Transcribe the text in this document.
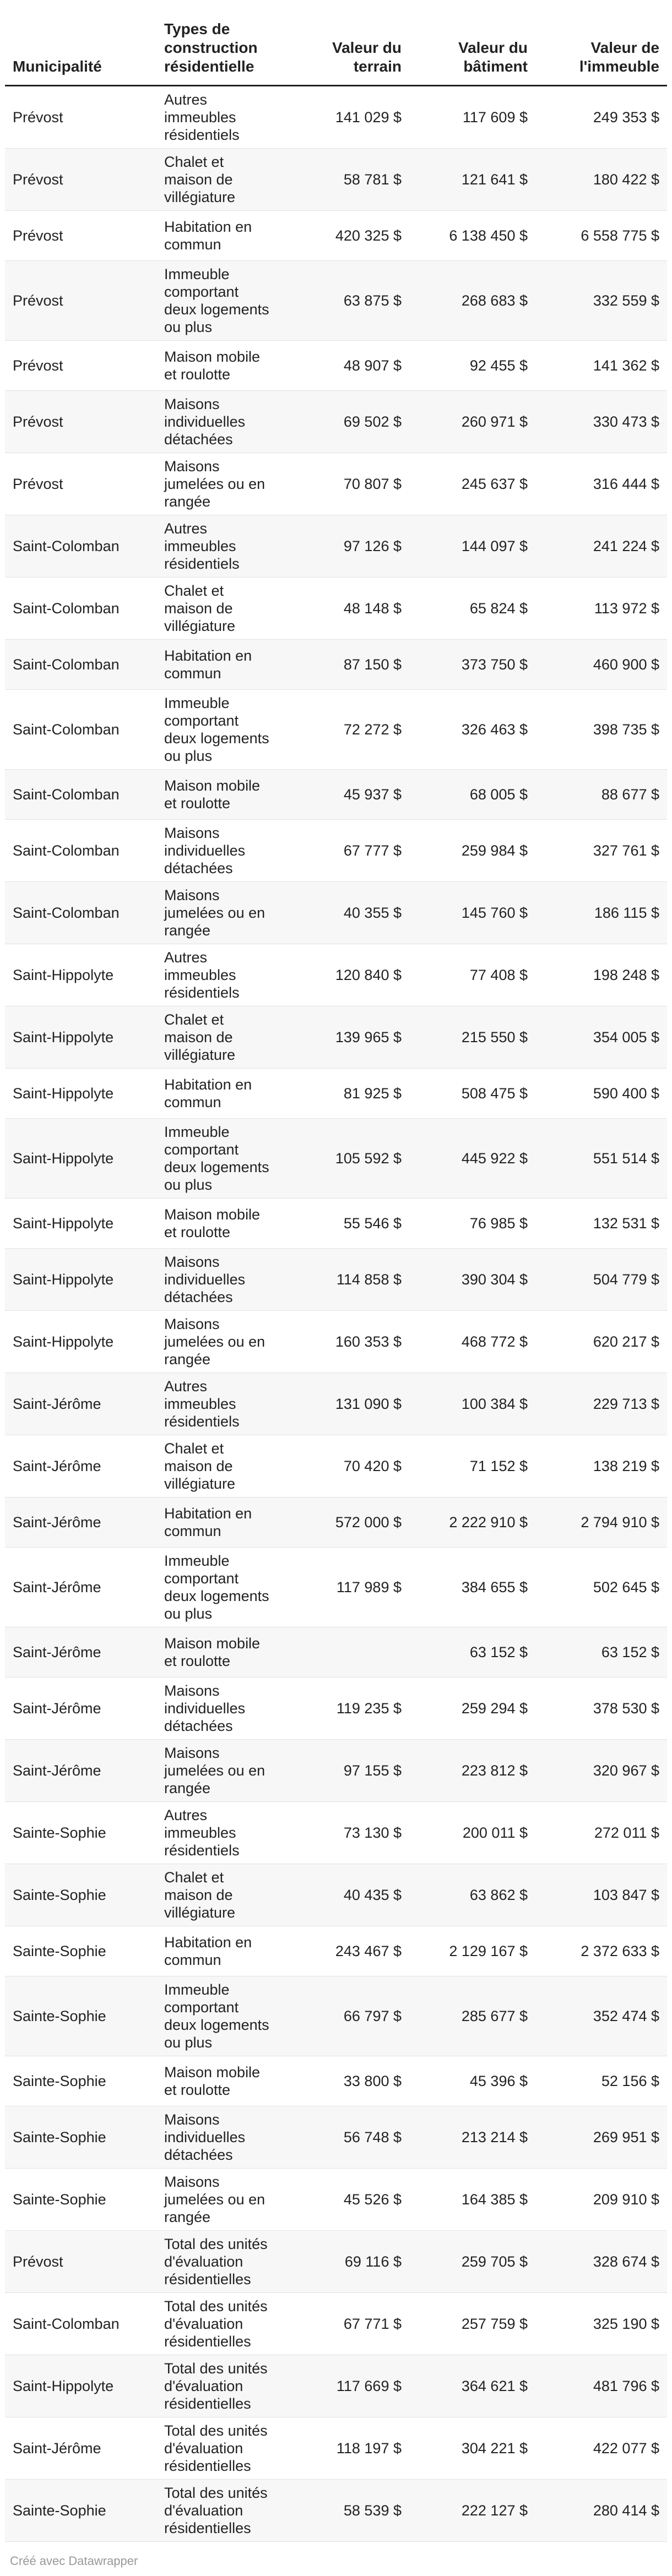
Municipalité	Types de construction résidentielle	Valeur du terrain	Valeur du bâtiment	Valeur de l'immeuble
Prévost	Autres immeubles résidentiels	141 029 $	117 609 $	249 353 $
Prévost	Chalet et maison de villégiature	58 781 $	121 641 $	180 422 $
Prévost	Habitation en commun	420 325 $	6 138 450 $	6 558 775 $
Prévost	Immeuble comportant deux logements ou plus	63 875 $	268 683 $	332 559 $
Prévost	Maison mobile et roulotte	48 907 $	92 455 $	141 362 $
Prévost	Maisons individuelles détachées	69 502 $	260 971 $	330 473 $
Prévost	Maisons jumelées ou en rangée	70 807 $	245 637 $	316 444 $
Saint-Colomban	Autres immeubles résidentiels	97 126 $	144 097 $	241 224 $
Saint-Colomban	Chalet et maison de villégiature	48 148 $	65 824 $	113 972 $
Saint-Colomban	Habitation en commun	87 150 $	373 750 $	460 900 $
Saint-Colomban	Immeuble comportant deux logements ou plus	72 272 $	326 463 $	398 735 $
Saint-Colomban	Maison mobile et roulotte	45 937 $	68 005 $	88 677 $
Saint-Colomban	Maisons individuelles détachées	67 777 $	259 984 $	327 761 $
Saint-Colomban	Maisons jumelées ou en rangée	40 355 $	145 760 $	186 115 $
Saint-Hippolyte	Autres immeubles résidentiels	120 840 $	77 408 $	198 248 $
Saint-Hippolyte	Chalet et maison de villégiature	139 965 $	215 550 $	354 005 $
Saint-Hippolyte	Habitation en commun	81 925 $	508 475 $	590 400 $
Saint-Hippolyte	Immeuble comportant deux logements ou plus	105 592 $	445 922 $	551 514 $
Saint-Hippolyte	Maison mobile et roulotte	55 546 $	76 985 $	132 531 $
Saint-Hippolyte	Maisons individuelles détachées	114 858 $	390 304 $	504 779 $
Saint-Hippolyte	Maisons jumelées ou en rangée	160 353 $	468 772 $	620 217 $
Saint-Jérôme	Autres immeubles résidentiels	131 090 $	100 384 $	229 713 $
Saint-Jérôme	Chalet et maison de villégiature	70 420 $	71 152 $	138 219 $
Saint-Jérôme	Habitation en commun	572 000 $	2 222 910 $	2 794 910 $
Saint-Jérôme	Immeuble comportant deux logements ou plus	117 989 $	384 655 $	502 645 $
Saint-Jérôme	Maison mobile et roulotte		63 152 $	63 152 $
Saint-Jérôme	Maisons individuelles détachées	119 235 $	259 294 $	378 530 $
Saint-Jérôme	Maisons jumelées ou en rangée	97 155 $	223 812 $	320 967 $
Sainte-Sophie	Autres immeubles résidentiels	73 130 $	200 011 $	272 011 $
Sainte-Sophie	Chalet et maison de villégiature	40 435 $	63 862 $	103 847 $
Sainte-Sophie	Habitation en commun	243 467 $	2 129 167 $	2 372 633 $
Sainte-Sophie	Immeuble comportant deux logements ou plus	66 797 $	285 677 $	352 474 $
Sainte-Sophie	Maison mobile et roulotte	33 800 $	45 396 $	52 156 $
Sainte-Sophie	Maisons individuelles détachées	56 748 $	213 214 $	269 951 $
Sainte-Sophie	Maisons jumelées ou en rangée	45 526 $	164 385 $	209 910 $
Prévost	Total des unités d'évaluation résidentielles	69 116 $	259 705 $	328 674 $
Saint-Colomban	Total des unités d'évaluation résidentielles	67 771 $	257 759 $	325 190 $
Saint-Hippolyte	Total des unités d'évaluation résidentielles	117 669 $	364 621 $	481 796 $
Saint-Jérôme	Total des unités d'évaluation résidentielles	118 197 $	304 221 $	422 077 $
Sainte-Sophie	Total des unités d'évaluation résidentielles	58 539 $	222 127 $	280 414 $
Créé avec Datawrapper
